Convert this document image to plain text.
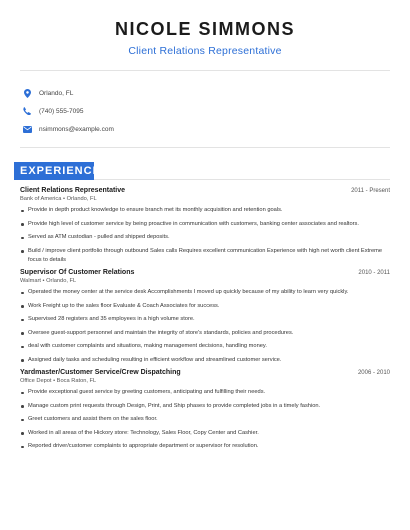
NICOLE SIMMONS
Client Relations Representative
Orlando, FL
(740) 555-7095
nsimmons@example.com
EXPERIENCE
Client Relations Representative	2011 - Present
Bank of America • Orlando, FL
Provide in depth product knowledge to ensure branch met its monthly acquisition and retention goals.
Provide high level of customer service by being proactive in communication with customers, banking center associates and realtors.
Served as ATM custodian - pulled and shipped deposits.
Build / improve client portfolio through outbound Sales calls Requires excellent communication Experience with high net worth client Extreme focus to details
Supervisor Of Customer Relations	2010 - 2011
Walmart • Orlando, FL
Operated the money center at the service desk Accomplishments I moved up quickly because of my ability to learn very quickly.
Work Freight up to the sales floor Evaluate & Coach Associates for success.
Supervised 28 registers and 35 employees in a high volume store.
Oversee guest-support personnel and maintain the integrity of store's standards, policies and procedures.
deal with customer complaints and situations, making management decisions, handling money.
Assigned daily tasks and scheduling resulting in efficient workflow and streamlined customer service.
Yardmaster/Customer Service/Crew Dispatching	2006 - 2010
Office Depot • Boca Raton, FL
Provide exceptional guest service by greeting customers, anticipating and fulfilling their needs.
Manage custom print requests through Design, Print, and Ship phases to provide completed jobs in a timely fashion.
Greet customers and assist them on the sales floor.
Worked in all areas of the Hickory store: Technology, Sales Floor, Copy Center and Cashier.
Reported driver/customer complaints to appropriate department or supervisor for resolution.
